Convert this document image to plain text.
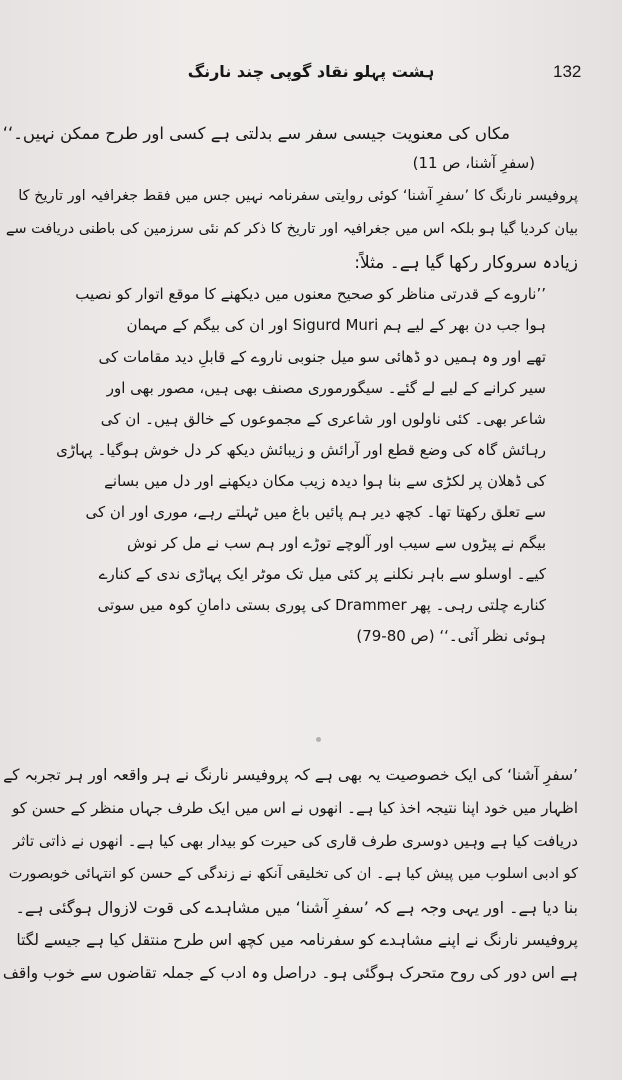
ہشت پہلو نقاد گوپی چند نارنگ	132
مکاں کی معنویت جیسی سفر سے بدلتی ہے کسی اور طرح ممکن نہیں۔‘‘
(سفرِ آشنا، ص 11)
پروفیسر نارنگ کا ’سفرِ آشنا‘ کوئی روایتی سفرنامہ نہیں جس میں فقط جغرافیہ اور تاریخ کا
بیان کردیا گیا ہو بلکہ اس میں جغرافیہ اور تاریخ کا ذکر کم نئی سرزمین کی باطنی دریافت سے
زیادہ سروکار رکھا گیا ہے۔ مثلاً:
’’ناروے کے قدرتی مناظر کو صحیح معنوں میں دیکھنے کا موقع اتوار کو نصیب
ہوا جب دن بھر کے لیے ہم Sigurd Muri اور ان کی بیگم کے مہمان
تھے اور وہ ہمیں دو ڈھائی سو میل جنوبی ناروے کے قابلِ دید مقامات کی
سیر کرانے کے لیے لے گئے۔ سیگورموری مصنف بھی ہیں، مصور بھی اور
شاعر بھی۔ کئی ناولوں اور شاعری کے مجموعوں کے خالق ہیں۔ ان کی
رہائش گاہ کی وضع قطع اور آرائش و زیبائش دیکھ کر دل خوش ہوگیا۔ پہاڑی
کی ڈھلان پر لکڑی سے بنا ہوا دیدہ زیب مکان دیکھنے اور دل میں بسانے
سے تعلق رکھتا تھا۔ کچھ دیر ہم پائیں باغ میں ٹہلتے رہے، موری اور ان کی
بیگم نے پیڑوں سے سیب اور آلوچے توڑے اور ہم سب نے مل کر نوش
کیے۔ اوسلو سے باہر نکلنے پر کئی میل تک موٹر ایک پہاڑی ندی کے کنارے
کنارے چلتی رہی۔ پھر Drammer کی پوری بستی دامانِ کوہ میں سوتی
ہوئی نظر آئی۔‘‘ (ص 80-79)
’سفرِ آشنا‘ کی ایک خصوصیت یہ بھی ہے کہ پروفیسر نارنگ نے ہر واقعہ اور ہر تجربہ کے
اظہار میں خود اپنا نتیجہ اخذ کیا ہے۔ انھوں نے اس میں ایک طرف جہاں منظر کے حسن کو
دریافت کیا ہے وہیں دوسری طرف قاری کی حیرت کو بیدار بھی کیا ہے۔ انھوں نے ذاتی تاثر
کو ادبی اسلوب میں پیش کیا ہے۔ ان کی تخلیقی آنکھ نے زندگی کے حسن کو انتہائی خوبصورت
بنا دیا ہے۔ اور یہی وجہ ہے کہ ’سفرِ آشنا‘ میں مشاہدے کی قوت لازوال ہوگئی ہے۔
پروفیسر نارنگ نے اپنے مشاہدے کو سفرنامہ میں کچھ اس طرح منتقل کیا ہے جیسے لگتا
ہے اس دور کی روح متحرک ہوگئی ہو۔ دراصل وہ ادب کے جملہ تقاضوں سے خوب واقف
